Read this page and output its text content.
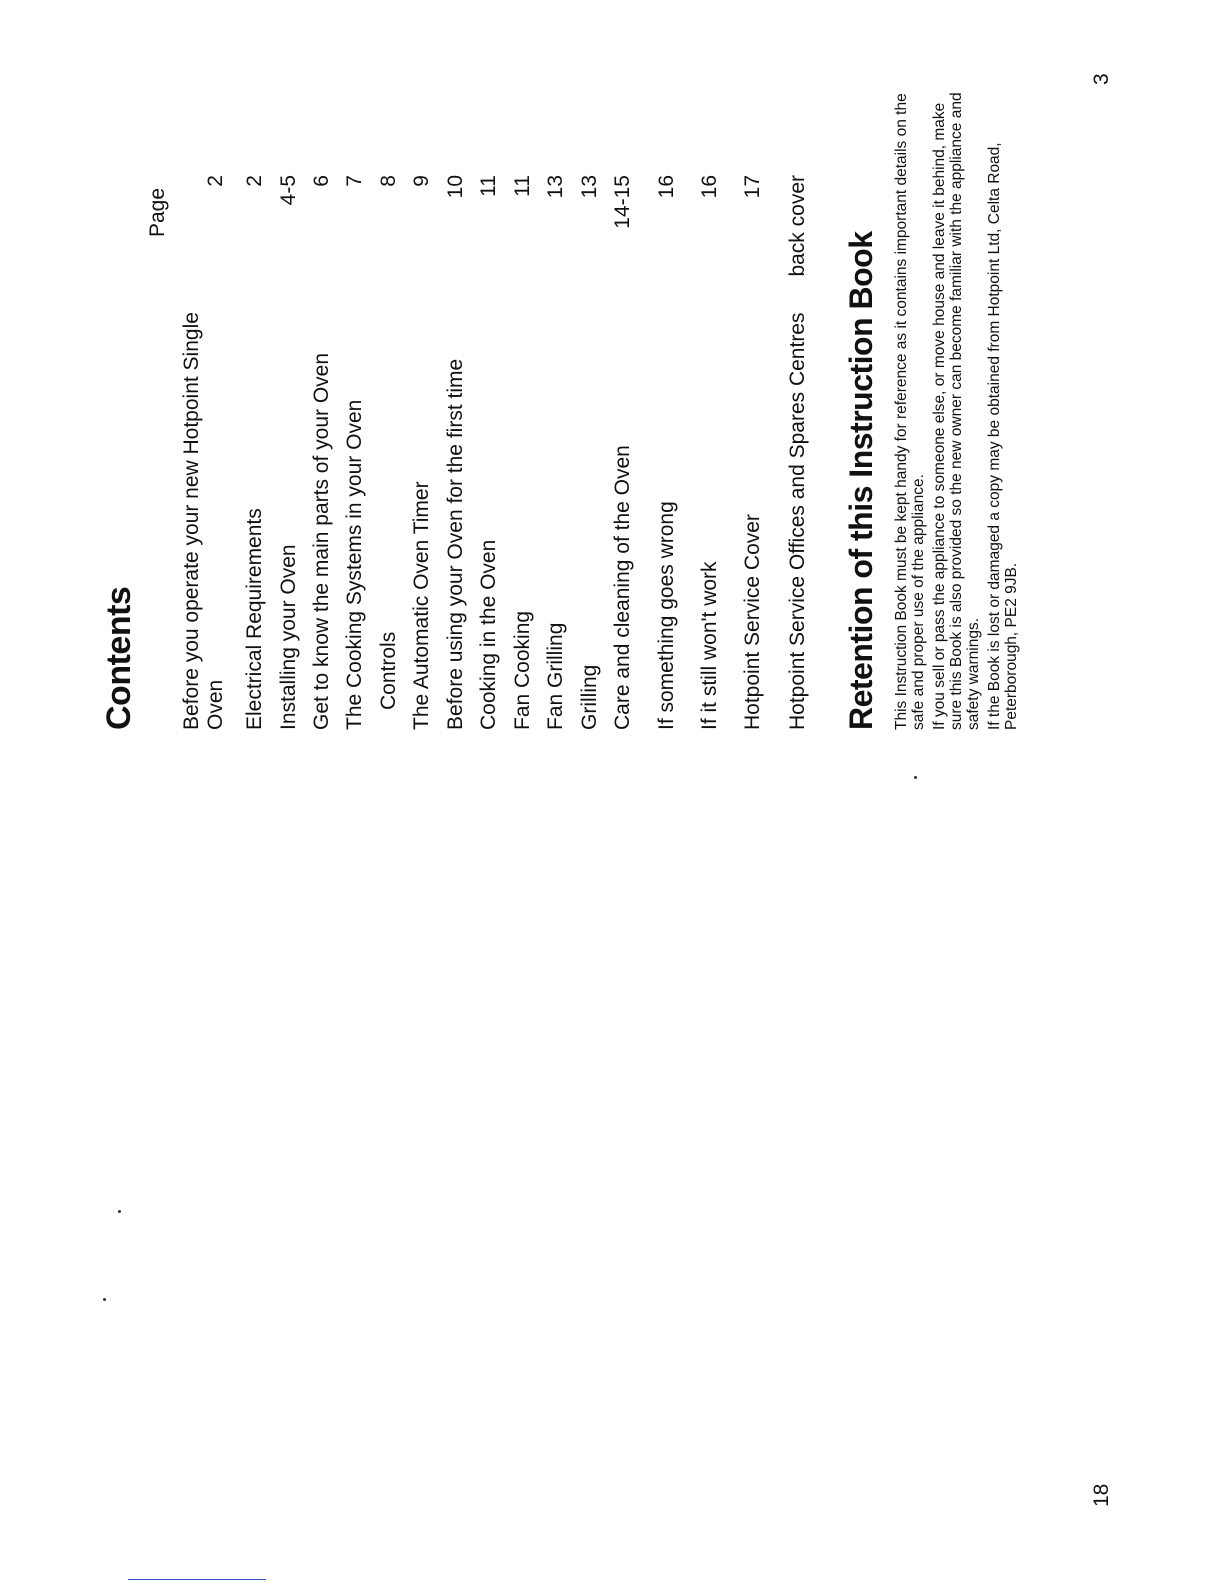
Contents
Page
Before you operate your new Hotpoint Single Oven
2
Electrical Requirements
2
Installing your Oven
4-5
Get to know the main parts of your Oven
6
The Cooking Systems in your Oven
7
Controls
8
The Automatic Oven Timer
9
Before using your Oven for the first time
10
Cooking in the Oven
11
Fan Cooking
11
Fan Grilling
13
Grilling
13
Care and cleaning of the Oven
14-15
If something goes wrong
16
If it still won't work
16
Hotpoint Service Cover
17
Hotpoint Service Offices and Spares Centres
back cover
Retention of this Instruction Book This Instruction Book must be kept handy for reference as it contains important details on the safe and proper use of the appliance. If you sell or pass the appliance to someone else, or move house and leave it behind, make sure this Book is also provided so the new owner can become familiar with the appliance and safety warnings. If the Book is lost or damaged a copy may be obtained from Hotpoint Ltd, Celta Road, Peterborough, PE2 9JB.

18
3
